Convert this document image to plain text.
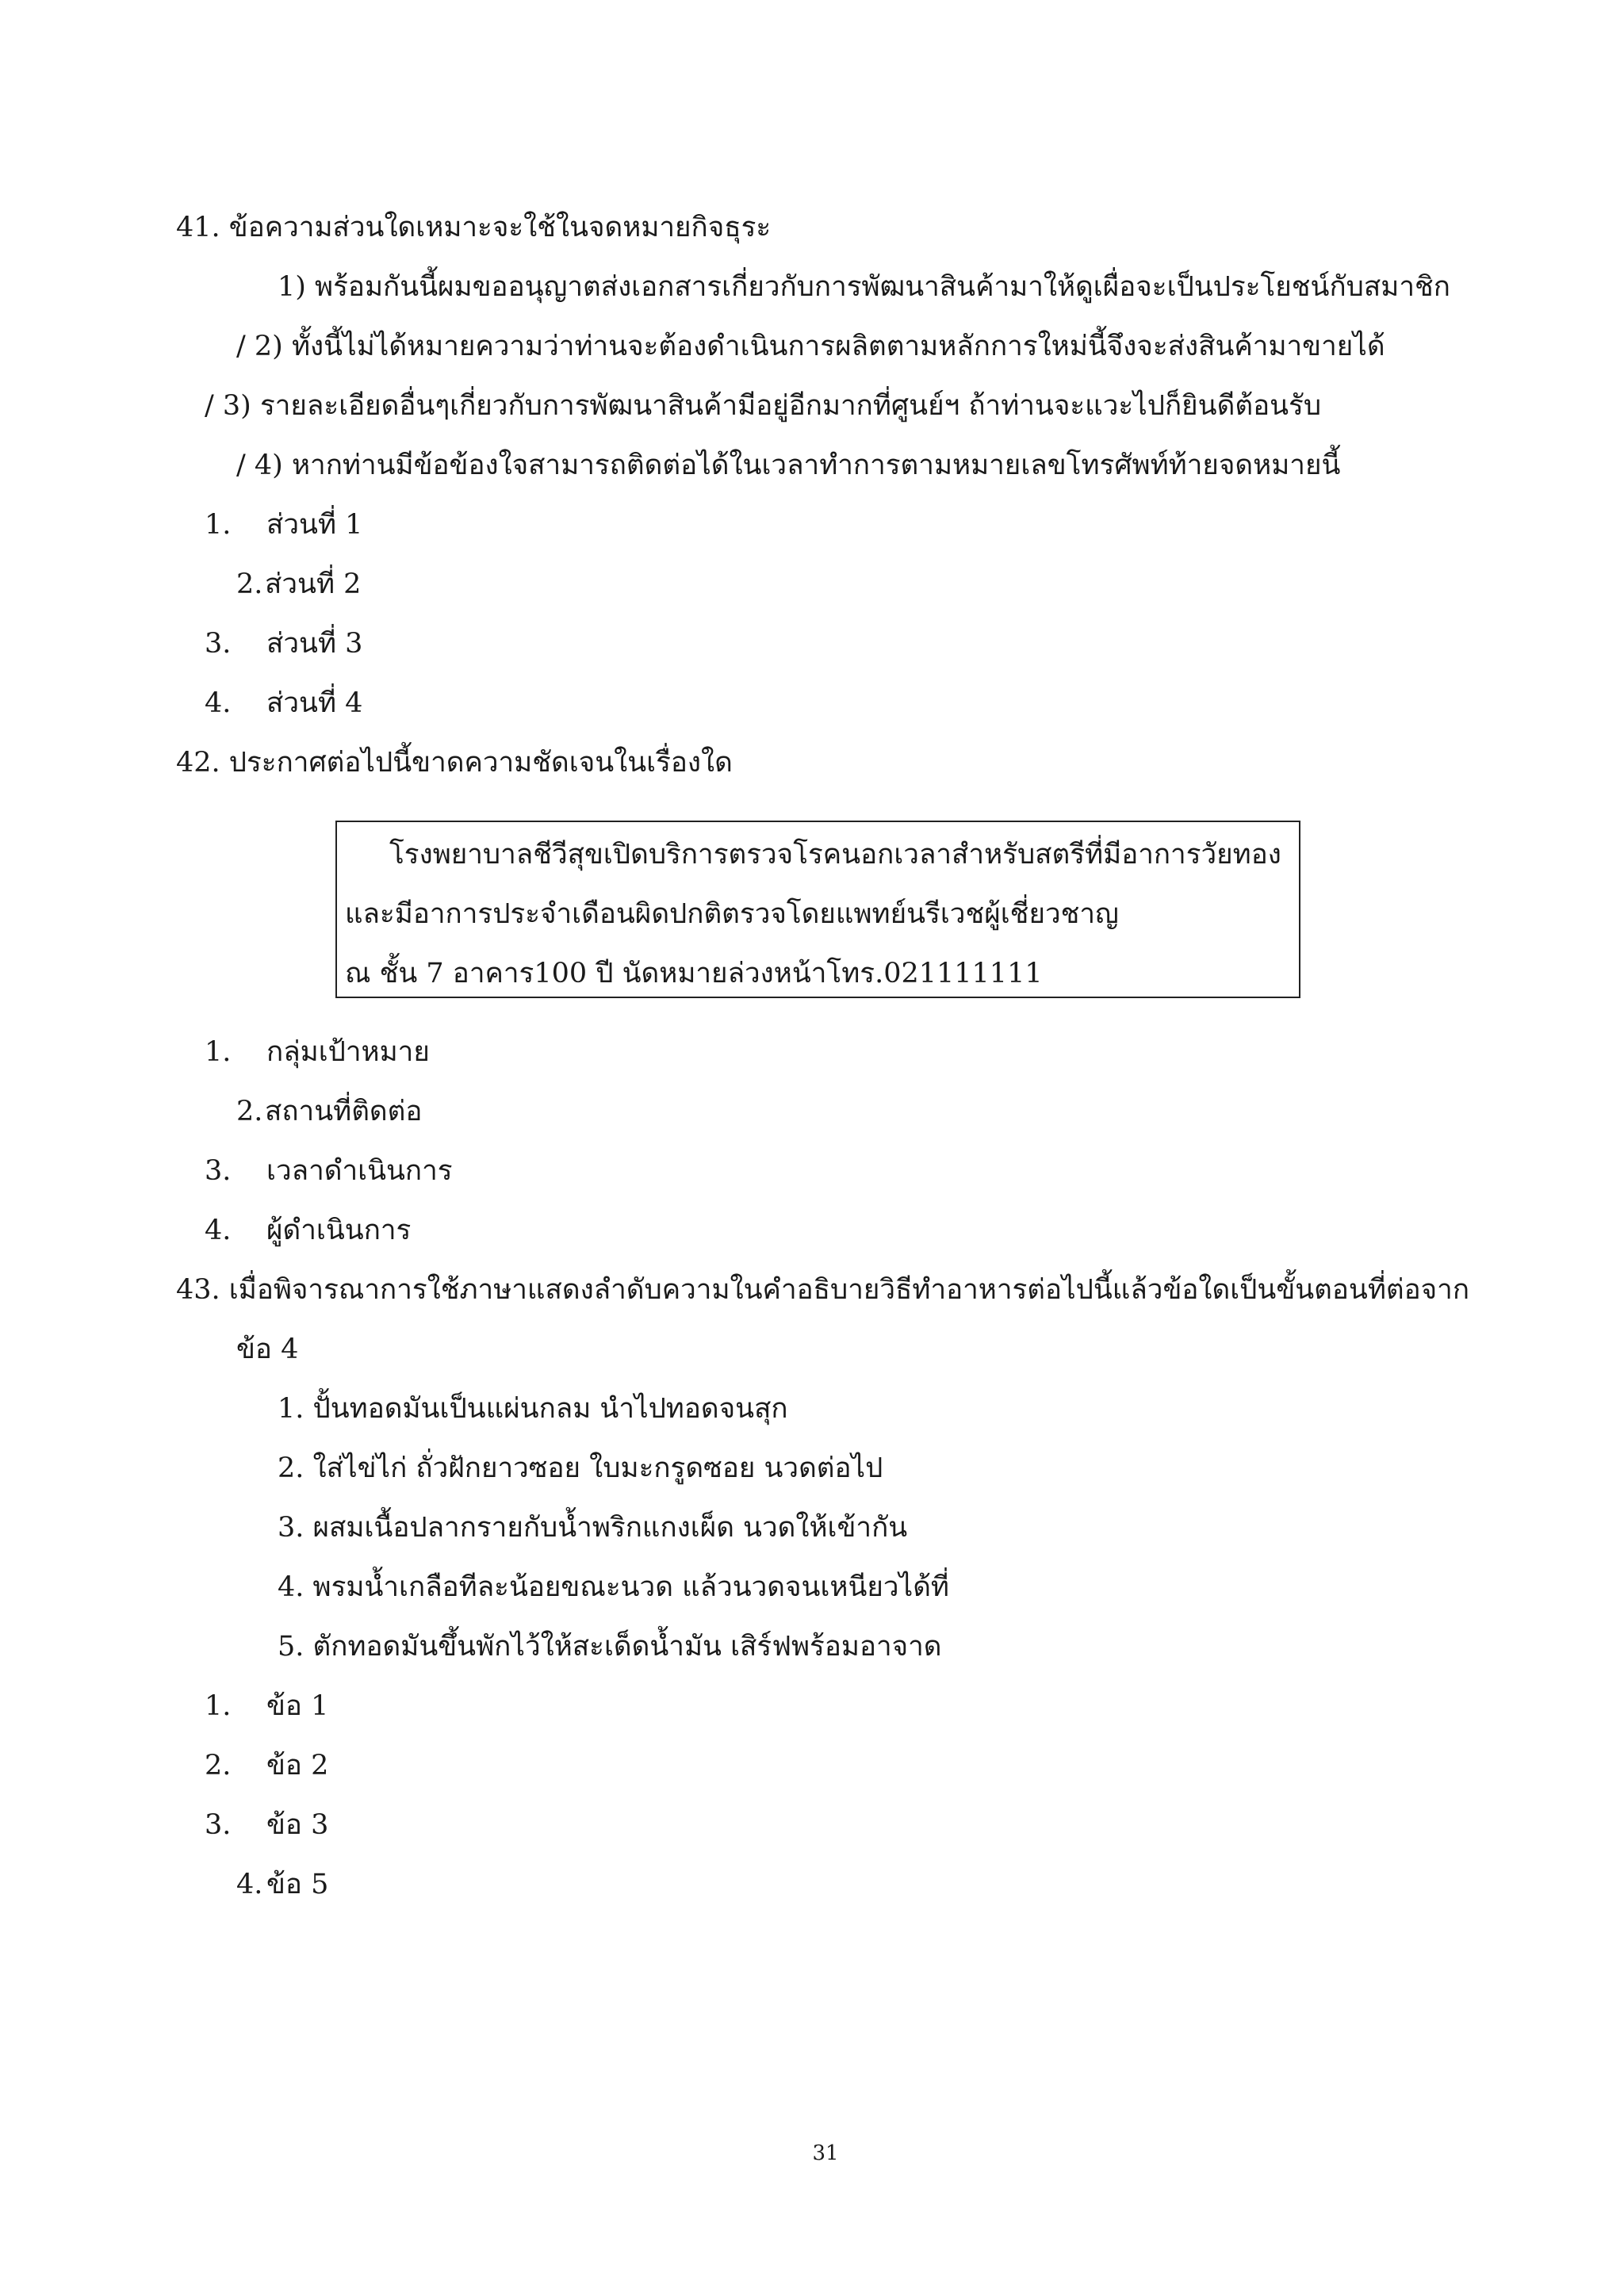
41. ข้อความส่วนใดเหมาะจะใช้ในจดหมายกิจธุระ
1) พร้อมกันนี้ผมขออนุญาตส่งเอกสารเกี่ยวกับการพัฒนาสินค้ามาให้ดูเผื่อจะเป็นประโยชน์กับสมาชิก
/ 2) ทั้งนี้ไม่ได้หมายความว่าท่านจะต้องดำเนินการผลิตตามหลักการใหม่นี้จึงจะส่งสินค้ามาขายได้
/ 3) รายละเอียดอื่นๆเกี่ยวกับการพัฒนาสินค้ามีอยู่อีกมากที่ศูนย์ฯ ถ้าท่านจะแวะไปก็ยินดีต้อนรับ
/ 4) หากท่านมีข้อข้องใจสามารถติดต่อได้ในเวลาทำการตามหมายเลขโทรศัพท์ท้ายจดหมายนี้
1. ส่วนที่ 1
2. ส่วนที่ 2
3. ส่วนที่ 3
4. ส่วนที่ 4
42. ประกาศต่อไปนี้ขาดความชัดเจนในเรื่องใด
โรงพยาบาลชีวีสุขเปิดบริการตรวจโรคนอกเวลาสำหรับสตรีที่มีอาการวัยทอง
และมีอาการประจำเดือนผิดปกติตรวจโดยแพทย์นรีเวชผู้เชี่ยวชาญ
ณ ชั้น 7 อาคาร100 ปี นัดหมายล่วงหน้าโทร.021111111
1. กลุ่มเป้าหมาย
2. สถานที่ติดต่อ
3. เวลาดำเนินการ
4. ผู้ดำเนินการ
43. เมื่อพิจารณาการใช้ภาษาแสดงลำดับความในคำอธิบายวิธีทำอาหารต่อไปนี้แล้วข้อใดเป็นขั้นตอนที่ต่อจาก
ข้อ 4
1. ปั้นทอดมันเป็นแผ่นกลม นำไปทอดจนสุก
2. ใส่ไข่ไก่ ถั่วฝักยาวซอย ใบมะกรูดซอย นวดต่อไป
3. ผสมเนื้อปลากรายกับน้ำพริกแกงเผ็ด นวดให้เข้ากัน
4. พรมน้ำเกลือทีละน้อยขณะนวด แล้วนวดจนเหนียวได้ที่
5. ตักทอดมันขึ้นพักไว้ให้สะเด็ดน้ำมัน เสิร์ฟพร้อมอาจาด
1. ข้อ 1
2. ข้อ 2
3. ข้อ 3
4. ข้อ 5
31
